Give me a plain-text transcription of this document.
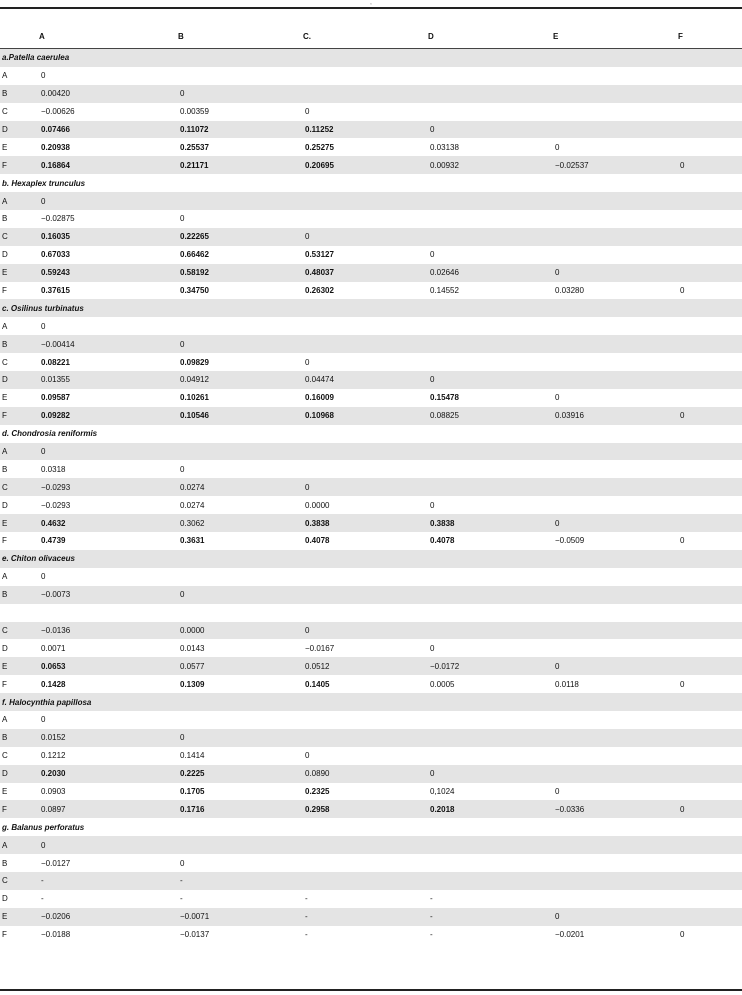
,
	A	B	C.	D	E	F
a.Patella caerulea						
A	0					
B	0.00420	0				
C	−0.00626	0.00359	0			
D	0.07466	0.11072	0.11252	0		
E	0.20938	0.25537	0.25275	0.03138	0	
F	0.16864	0.21171	0.20695	0.00932	−0.02537	0
b. Hexaplex trunculus						
A	0					
B	−0.02875	0				
C	0.16035	0.22265	0			
D	0.67033	0.66462	0.53127	0		
E	0.59243	0.58192	0.48037	0.02646	0	
F	0.37615	0.34750	0.26302	0.14552	0.03280	0
c. Osilinus turbinatus						
A	0					
B	−0.00414	0				
C	0.08221	0.09829	0			
D	0.01355	0.04912	0.04474	0		
E	0.09587	0.10261	0.16009	0.15478	0	
F	0.09282	0.10546	0.10968	0.08825	0.03916	0
d. Chondrosia reniformis						
A	0					
B	0.0318	0				
C	−0.0293	0.0274	0			
D	−0.0293	0.0274	0.0000	0		
E	0.4632	0.3062	0.3838	0.3838	0	
F	0.4739	0.3631	0.4078	0.4078	−0.0509	0
e. Chiton olivaceus						
A	0					
B	−0.0073	0				

C	−0.0136	0.0000	0			
D	0.0071	0.0143	−0.0167	0		
E	0.0653	0.0577	0.0512	−0.0172	0	
F	0.1428	0.1309	0.1405	0.0005	0.0118	0
f. Halocynthia papillosa						
A	0					
B	0.0152	0				
C	0.1212	0.1414	0			
D	0.2030	0.2225	0.0890	0		
E	0.0903	0.1705	0.2325	0,1024	0	
F	0.0897	0.1716	0.2958	0.2018	−0.0336	0
g. Balanus perforatus						
A	0					
B	−0.0127	0				
C	-	-				
D	-	-	-	-		
E	−0.0206	−0.0071	-	-	0	
F	−0.0188	−0.0137	-	-	−0.0201	0
